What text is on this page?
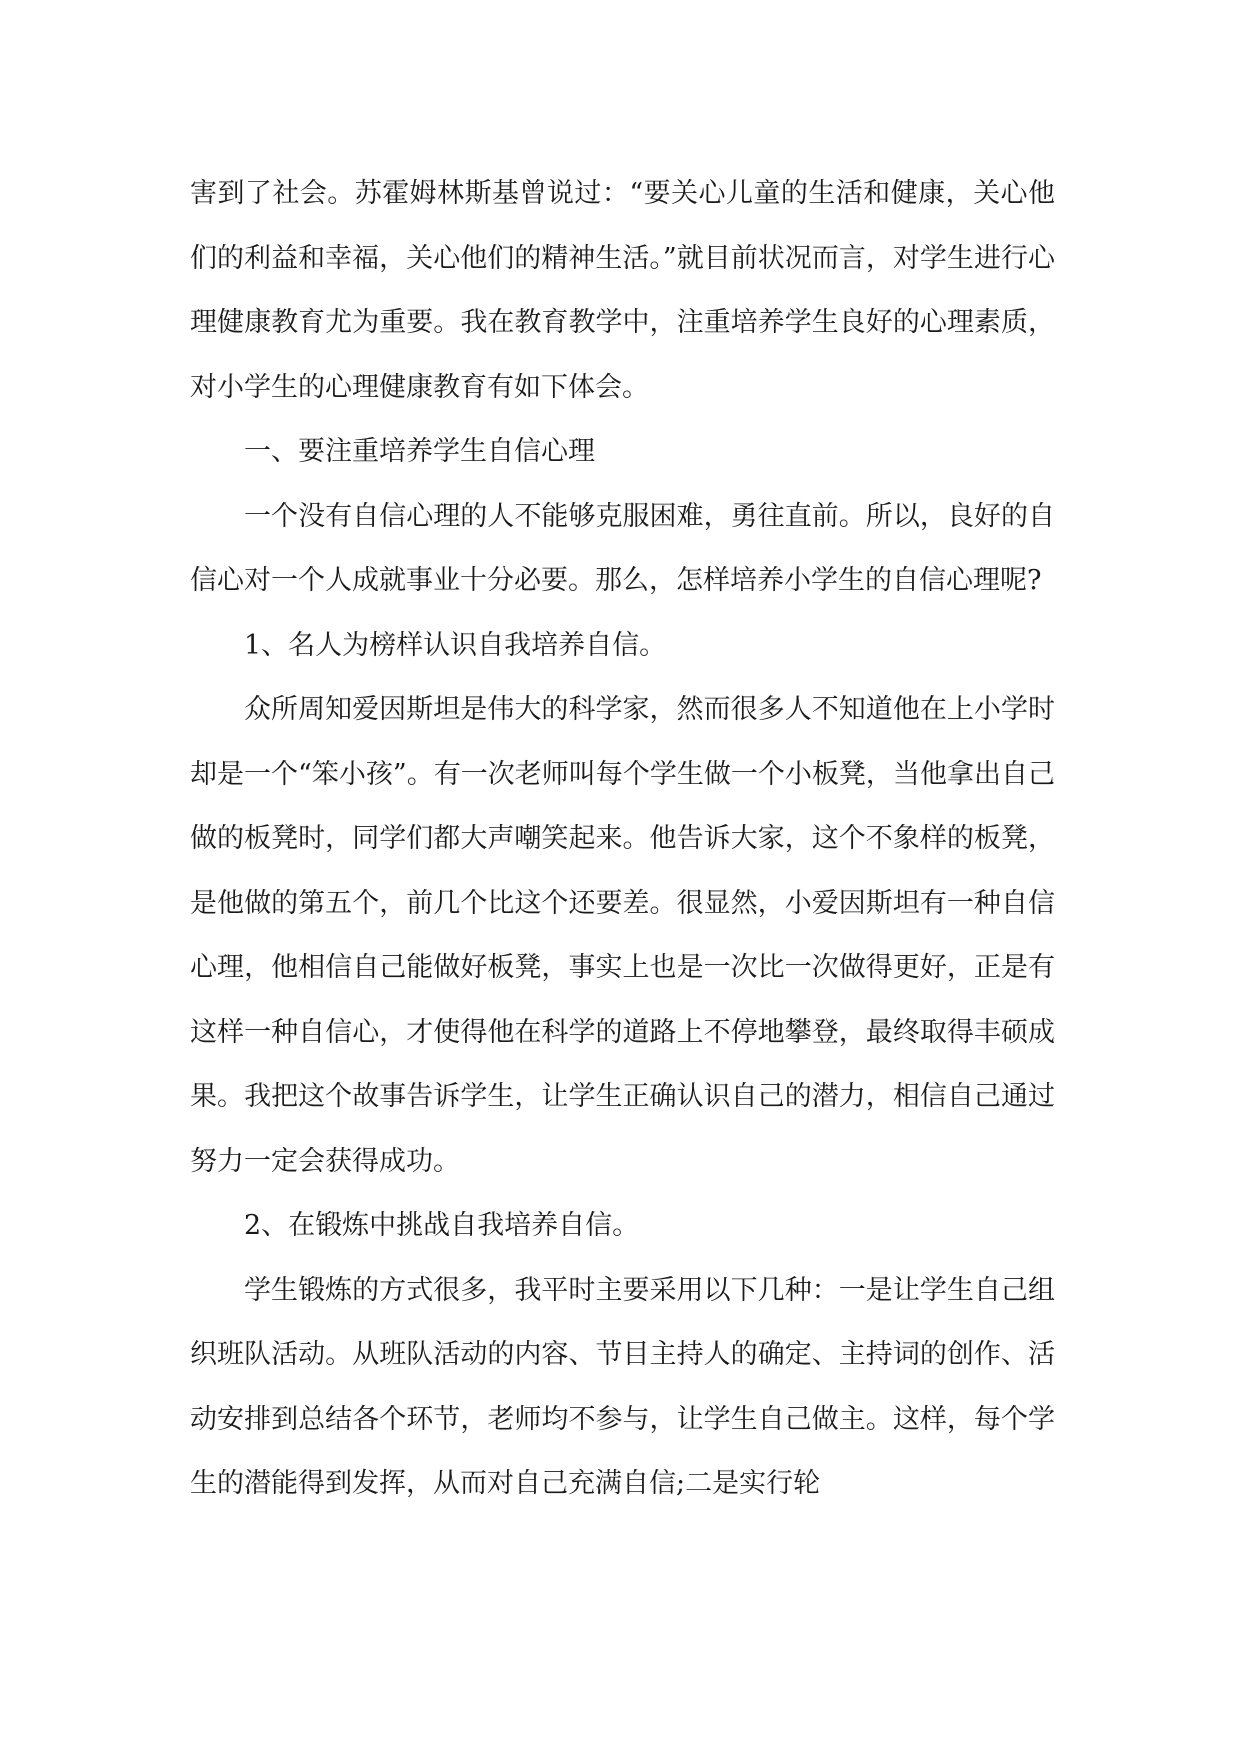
害到了社会。苏霍姆林斯基曾说过：“要关心儿童的生活和健康，关心他们的利益和幸福，关心他们的精神生活。”就目前状况而言，对学生进行心理健康教育尤为重要。我在教育教学中，注重培养学生良好的心理素质，对小学生的心理健康教育有如下体会。

一、要注重培养学生自信心理

一个没有自信心理的人不能够克服困难，勇往直前。所以，良好的自信心对一个人成就事业十分必要。那么，怎样培养小学生的自信心理呢?

1、名人为榜样认识自我培养自信。

众所周知爱因斯坦是伟大的科学家，然而很多人不知道他在上小学时却是一个“笨小孩”。有一次老师叫每个学生做一个小板凳，当他拿出自己做的板凳时，同学们都大声嘲笑起来。他告诉大家，这个不象样的板凳，是他做的第五个，前几个比这个还要差。很显然，小爱因斯坦有一种自信心理，他相信自己能做好板凳，事实上也是一次比一次做得更好，正是有这样一种自信心，才使得他在科学的道路上不停地攀登，最终取得丰硕成果。我把这个故事告诉学生，让学生正确认识自己的潜力，相信自己通过努力一定会获得成功。

2、在锻炼中挑战自我培养自信。

学生锻炼的方式很多，我平时主要采用以下几种：一是让学生自己组织班队活动。从班队活动的内容、节目主持人的确定、主持词的创作、活动安排到总结各个环节，老师均不参与，让学生自己做主。这样，每个学生的潜能得到发挥，从而对自己充满自信;二是实行轮
